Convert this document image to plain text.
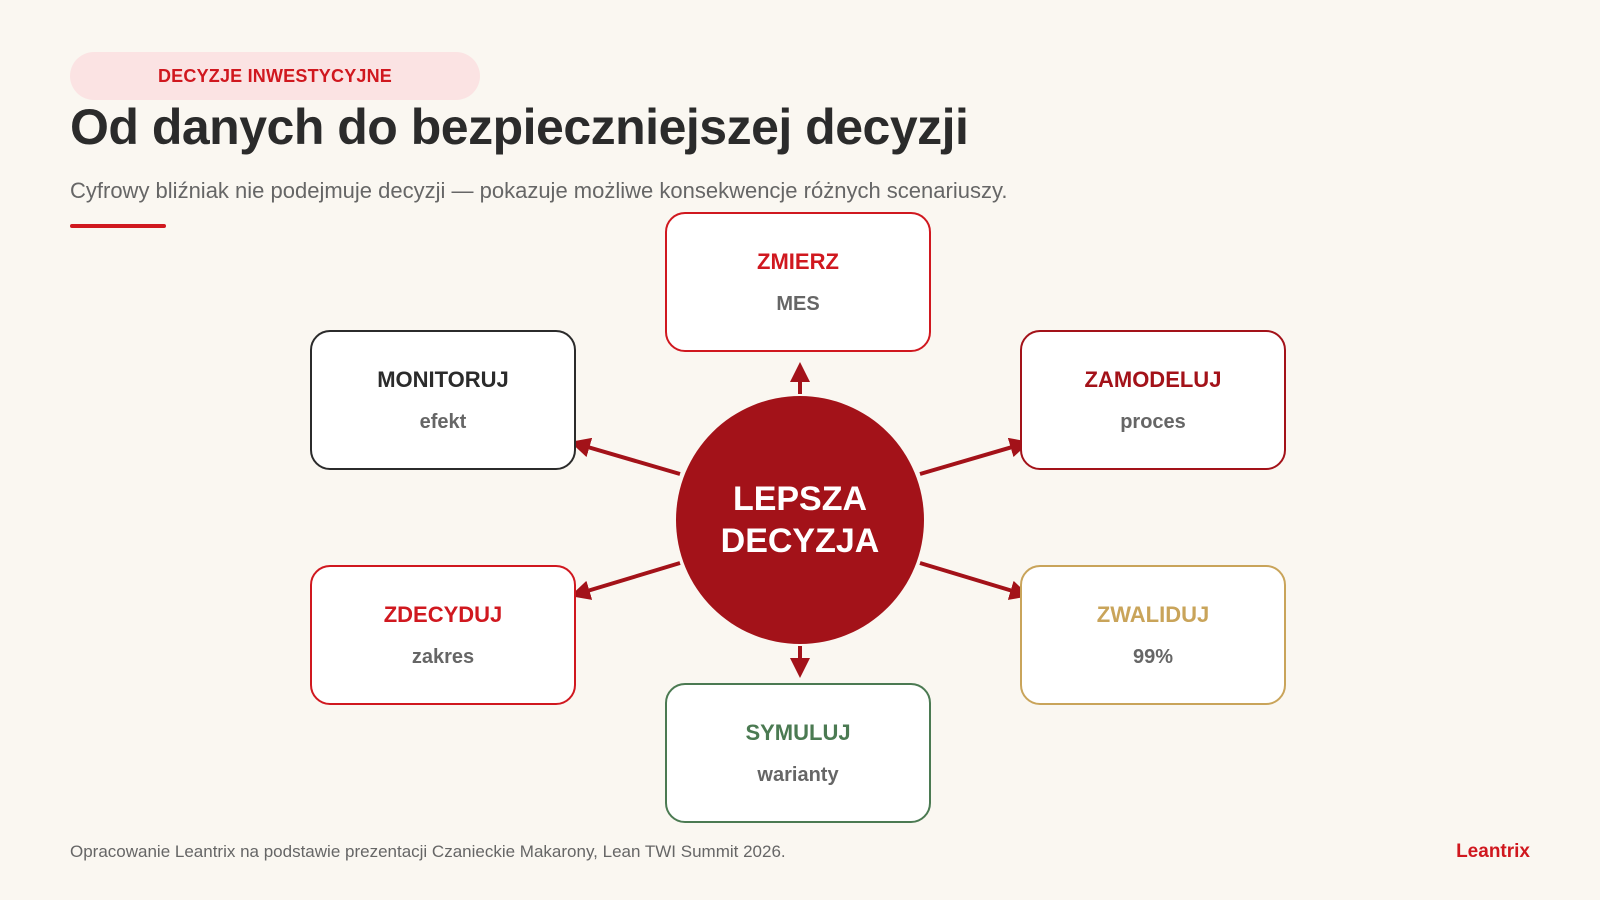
DECYZJE INWESTYCYJNE
Od danych do bezpieczniejszej decyzji

Cyfrowy bliźniak nie podejmuje decyzji — pokazuje możliwe konsekwencje różnych scenariuszy.

ZMIERZ
MES
ZAMODELUJ
proces
ZWALIDUJ
99%
SYMULUJ
warianty
ZDECYDUJ
zakres
MONITORUJ
efekt
LEPSZA DECYZJA
Opracowanie Leantrix na podstawie prezentacji Czanieckie Makarony, Lean TWI Summit 2026.	Leantrix
